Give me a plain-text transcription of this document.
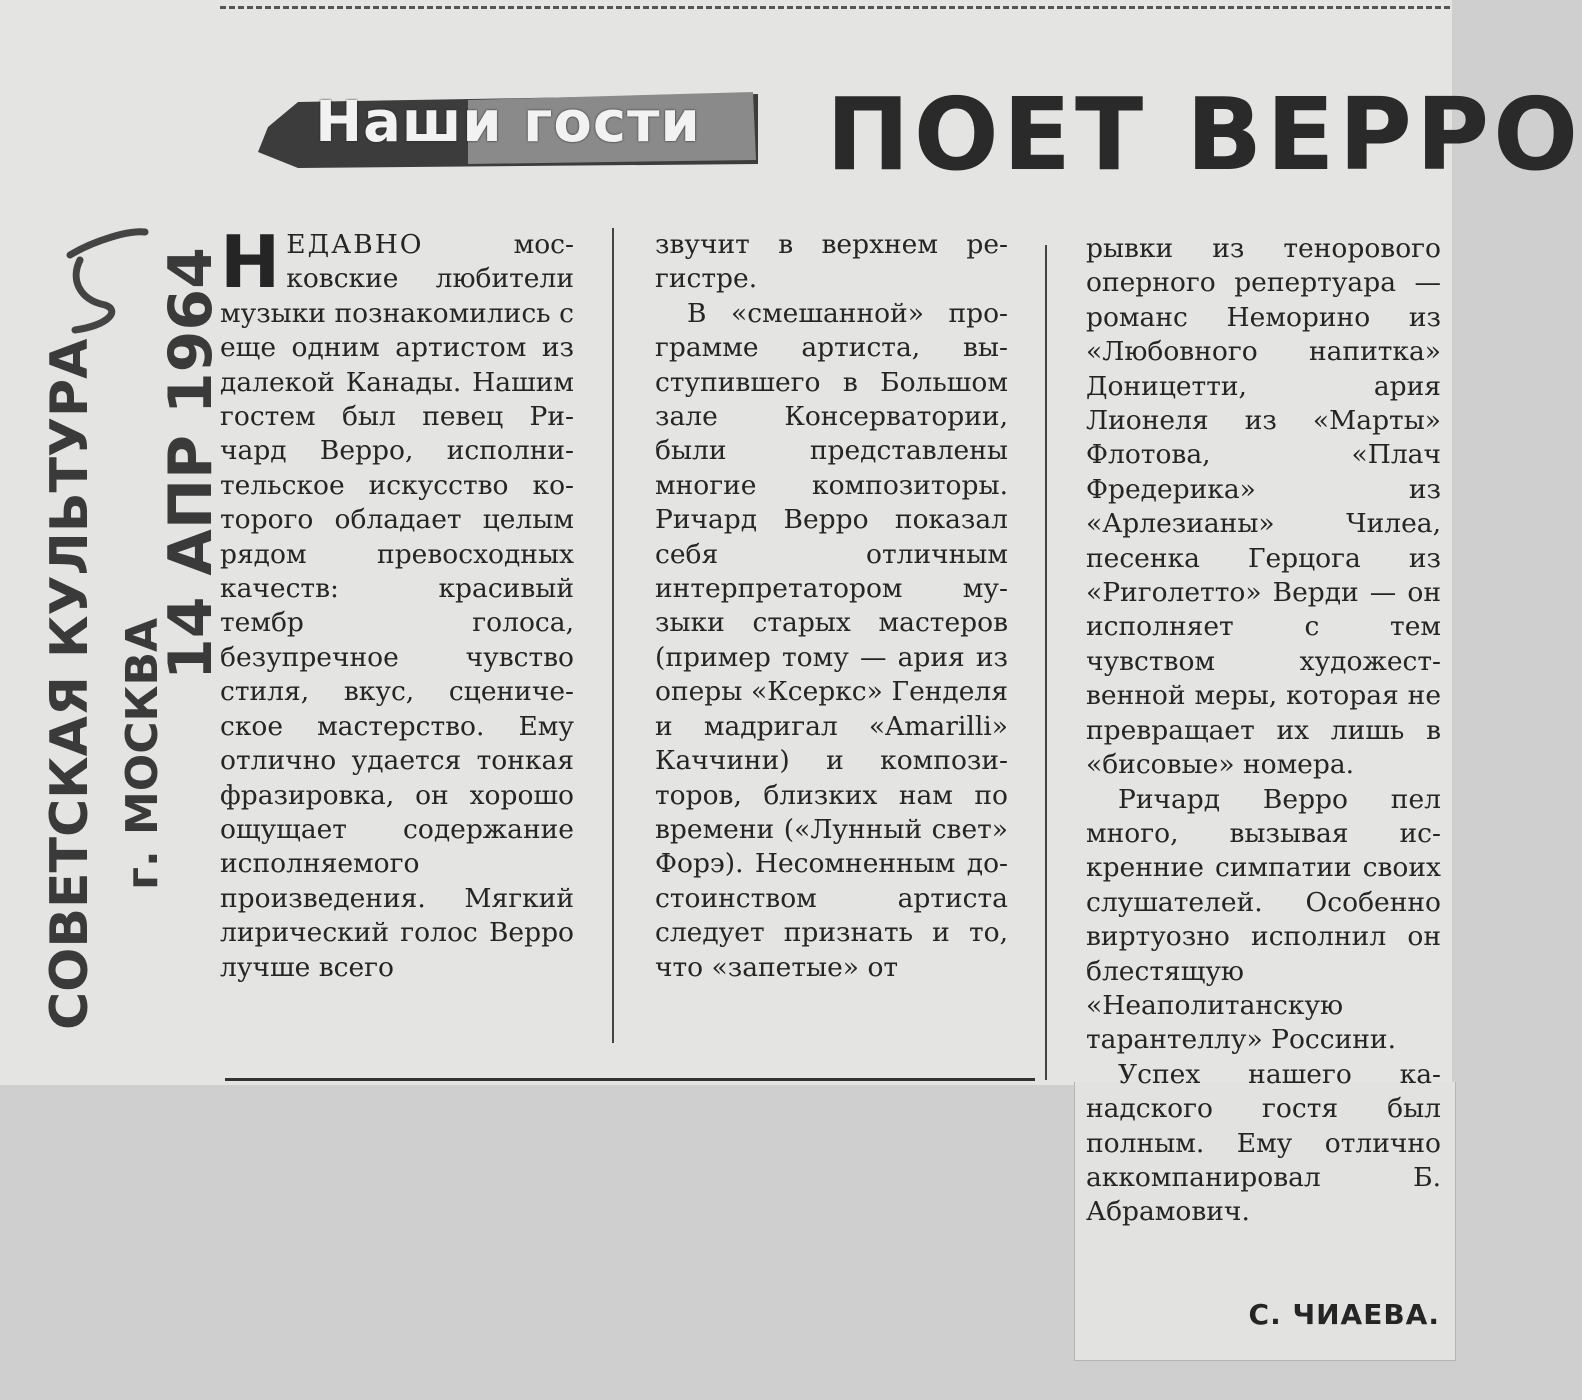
Наши гости	ПОЕТ ВЕРРО
СОВЕТСКАЯ КУЛЬТУРА г. МОСКВА
14 АПР 1964

НЕДАВНО московские любители музыки познакомились с еще одним артистом из далекой Канады. Нашим гостем был певец Ричард Верро, исполнительское искусство которого обладает целым рядом превосходных качеств: красивый тембр голоса, безупречное чувство стиля, вкус, сценическое мастерство. Ему отлично удается тонкая фразировка, он хорошо ощущает содержание исполняемого произведения. Мягкий лирический голос Верро лучше всего

звучит в верхнем регистре.

В «смешанной» программе артиста, выступившего в Большом зале Консерватории, были представлены многие композиторы. Ричард Верро показал себя отличным интерпретатором музыки старых мастеров (пример тому — ария из оперы «Ксеркс» Генделя и мадригал «Amarilli» Каччини) и композиторов, близких нам по времени («Лунный свет» Форэ). Несомненным достоинством артиста следует признать и то, что «запетые» от

рывки из тенорового оперного репертуара — романс Неморино из «Любовного напитка» Доницетти, ария Лионеля из «Марты» Флотова, «Плач Фредерика» из «Арлезианы» Чилеа, песенка Герцога из «Риголетто» Верди — он исполняет с тем чувством художественной меры, которая не превращает их лишь в «бисовые» номера.

Ричард Верро пел много, вызывая искренние симпатии своих слушателей. Особенно виртуозно исполнил он блестящую «Неаполитанскую тарантеллу» Россини.

Успех нашего канадского гостя был полным. Ему отлично аккомпанировал Б. Абрамович.

С. ЧИАЕВА.
